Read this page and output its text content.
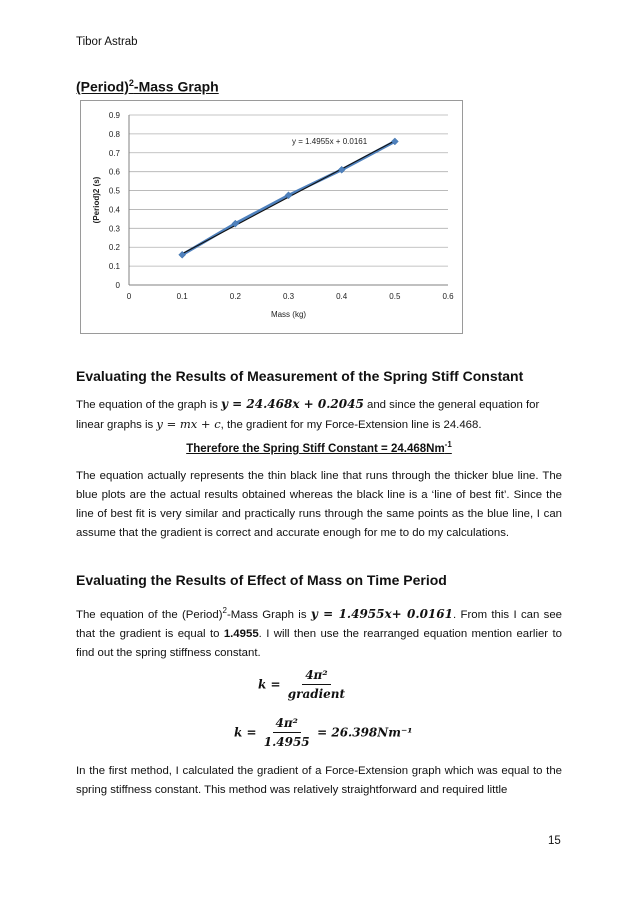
Tibor Astrab
(Period)$^2$-Mass Graph
0
0.1
0.2
0.3
0.4
0.5
0.6
0.7
0.8
0.9
0	0.1	0.2	0.3	0.4	0.5	0.6
y = 1.4955x + 0.0161
Mass (kg)
(Period)2 (s)
Evaluating the Results of Measurement of the Spring Stiff Constant
The equation of the graph is y = 24.468x + 0.2045 and since the general equation for linear graphs is y = mx + c, the gradient for my Force-Extension line is 24.468.
Therefore the Spring Stiff Constant = $24.468Nm^{-1}$
The equation actually represents the thin black line that runs through the thicker blue line. The blue plots are the actual results obtained whereas the black line is a ‘line of best fit’. Since the line of best fit is very similar and practically runs through the same points as the blue line, I can assume that the gradient is correct and accurate enough for me to do my calculations.
Evaluating the Results of Effect of Mass on Time Period
The equation of the (Period)$^2$-Mass Graph is y = 1.4955x+ 0.0161. From this I can see that the gradient is equal to 1.4955. I will then use the rearranged equation mention earlier to find out the spring stiffness constant.
$k = \frac{\text{4π²}}{\text{gradient}}$
$k = \frac{\text{4π²}}{1.4955} = 26.398Nm^{-1}$
In the first method, I calculated the gradient of a Force-Extension graph which was equal to the spring stiffness constant. This method was relatively straightforward and required little
15
